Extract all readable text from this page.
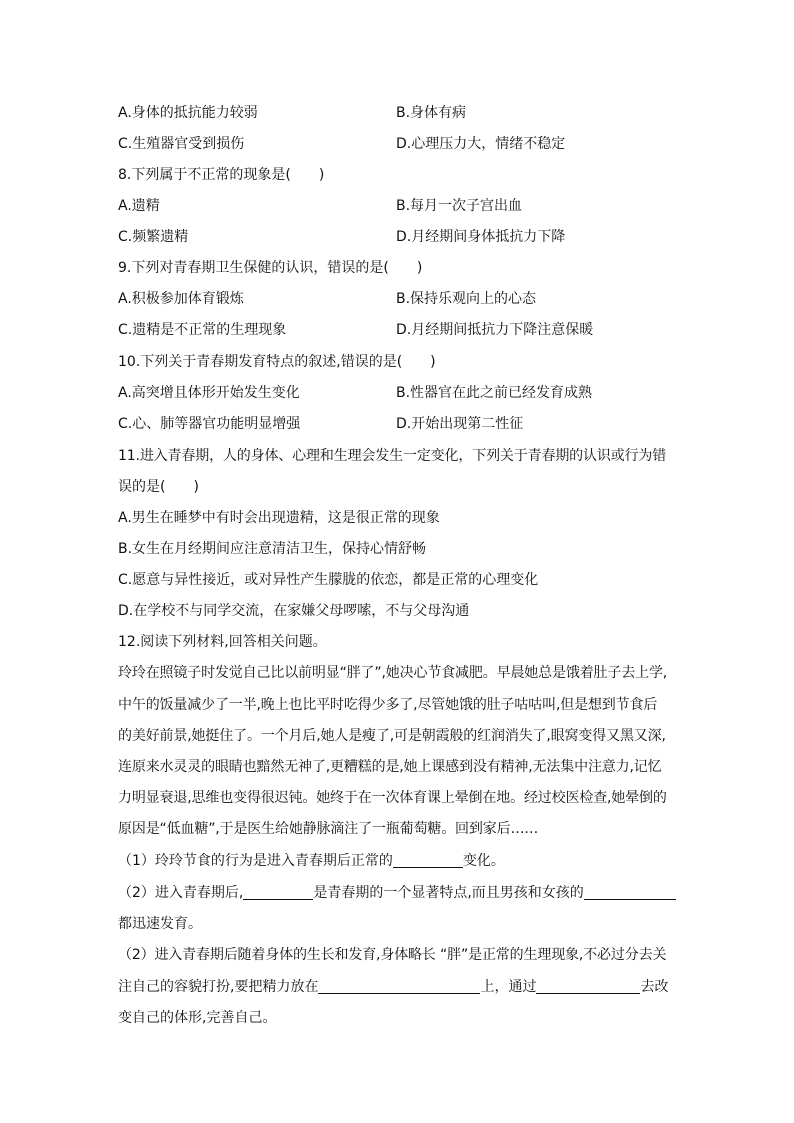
A.身体的抵抗能力较弱	B.身体有病
C.生殖器官受到损伤	D.心理压力大，情绪不稳定
8.下列属于不正常的现象是(　　)
A.遗精	B.每月一次子宫出血
C.频繁遗精	D.月经期间身体抵抗力下降
9.下列对青春期卫生保健的认识，错误的是(　　)
A.积极参加体育锻炼	B.保持乐观向上的心态
C.遗精是不正常的生理现象	D.月经期间抵抗力下降注意保暖
10.下列关于青春期发育特点的叙述,错误的是(　　)
A.高突增且体形开始发生变化	B.性器官在此之前已经发育成熟
C.心、肺等器官功能明显增强	D.开始出现第二性征
11.进入青春期，人的身体、心理和生理会发生一定变化，下列关于青春期的认识或行为错
误的是(　　)
A.男生在睡梦中有时会出现遗精，这是很正常的现象
B.女生在月经期间应注意清洁卫生，保持心情舒畅
C.愿意与异性接近，或对异性产生朦胧的依恋，都是正常的心理变化
D.在学校不与同学交流，在家嫌父母啰嗦，不与父母沟通
12.阅读下列材料,回答相关问题。
玲玲在照镜子时发觉自己比以前明显“胖了”,她决心节食减肥。早晨她总是饿着肚子去上学,
中午的饭量减少了一半,晚上也比平时吃得少多了,尽管她饿的肚子咕咕叫,但是想到节食后
的美好前景,她挺住了。一个月后,她人是瘦了,可是朝霞般的红润消失了,眼窝变得又黑又深,
连原来水灵灵的眼睛也黯然无神了,更糟糕的是,她上课感到没有精神,无法集中注意力,记忆
力明显衰退,思维也变得很迟钝。她终于在一次体育课上晕倒在地。经过校医检查,她晕倒的
原因是“低血糖”,于是医生给她静脉滴注了一瓶葡萄糖。回到家后……
（1）玲玲节食的行为是进入青春期后正常的	变化。
（2）进入青春期后,	是青春期的一个显著特点,而且男孩和女孩的
都迅速发育。
（2）进入青春期后随着身体的生长和发育,身体略长 “胖”是正常的生理现象,不必过分去关
注自己的容貌打扮,要把精力放在	上，通过	去改
变自己的体形,完善自己。
